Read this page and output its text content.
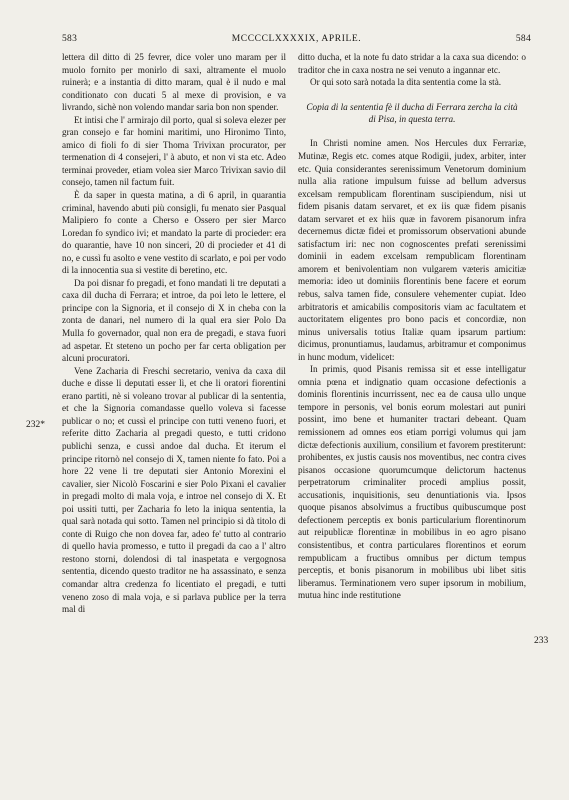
583	MCCCCLXXXXIX, APRILE.	584

lettera dil ditto di 25 fevrer, dice voler uno maram per il muolo fornito per monirlo di saxi, altramente el muolo ruinerà; e a instantia di ditto maram, qual è il nudo e mal conditionato con ducati 5 al mexe di provision, e va livrando, sichè non volendo mandar saria bon non spender.

Et intisi che l' armirajo dil porto, qual si soleva elezer per gran consejo e far homini maritimi, uno Hironimo Tinto, amico di fioli fo di sier Thoma Trivixan procurator, per termenation di 4 consejeri, l' à abuto, et non vi sta etc. Adeo terminai proveder, etiam volea sier Marco Trivixan savio dil consejo, tamen nil factum fuit.

È da saper in questa matina, a dì 6 april, in quarantia criminal, havendo abuti più consigli, fu menato sier Pasqual Malipiero fo conte a Cherso e Ossero per sier Marco Loredan fo syndico ivi; et mandato la parte di procieder: era do quarantie, have 10 non sinceri, 20 di procieder et 41 di no, e cussì fu asolto e vene vestito di scarlato, e poi per vodo di la innocentia sua si vestite di beretino, etc.

Da poi disnar fo pregadi, et fono mandati li tre deputati a caxa dil ducha di Ferrara; et introe, da poi leto le lettere, el principe con la Signoria, et il consejo di X in cheba con la zonta de danari, nel numero di la qual era sier Polo Da Mulla fo governador, qual non era de pregadi, e stava fuori ad aspetar. Et steteno un pocho per far certa obligation per alcuni procuratori.

Vene Zacharia di Freschi secretario, veniva da caxa dil duche e disse li deputati esser lì, et che li oratori fiorentini erano partiti, nè si voleano trovar al publicar di la sententia, et che la Signoria comandasse quello voleva si facesse publicar o no; et cussì el principe con tutti veneno fuori, et referite ditto Zacharia al pregadi questo, e tutti cridono publichi senza, e cussì andoe dal ducha. Et iterum el principe ritornò nel consejo di X, tamen niente fo fato. Poi a hore 22 vene li tre deputati sier Antonio Morexini el cavalier, sier Nicolò Foscarini e sier Polo Pixani el cavalier in pregadi molto di mala voja, e introe nel consejo di X. Et poi ussiti tutti, per Zacharia fo leto la iniqua sententia, la qual sarà notada qui sotto. Tamen nel principio si dà titolo di conte di Ruigo che non dovea far, adeo fe' tutto al contrario di quello havia promesso, e tutto il pregadi da cao a l' altro restono storni, dolendosi di tal inaspetata e vergognosa sententia, dicendo questo traditor ne ha assassinato, e senza comandar altra credenza fo licentiato el pregadi, e tutti veneno zoso di mala voja, e si parlava publice per la terra mal di

ditto ducha, et la note fu dato stridar a la caxa sua dicendo: o traditor che in caxa nostra ne sei venuto a ingannar etc.

Or qui soto sarà notada la dita sententia come la stà.

Copia di la sententia fè il ducha di Ferrara zercha la cità di Pisa, in questa terra.

In Christi nomine amen. Nos Hercules dux Ferrariæ, Mutinæ, Regis etc. comes atque Rodigii, judex, arbiter, inter etc. Quia considerantes serenissimum Venetorum dominium nulla alia ratione impulsum fuisse ad bellum adversus excelsam rempublicam florentinam suscipiendum, nisi ut fidem pisanis datam servaret, et ex iis quæ fidem pisanis datam servaret et ex hiis quæ in favorem pisanorum infra decernemus dictæ fidei et promissorum observationi abunde satisfactum iri: nec non cognoscentes prefati serenissimi dominii in eadem excelsam rempublicam florentinam amorem et benivolentiam non vulgarem væteris amicitiæ memoria: ideo ut dominiis florentinis bene facere et eorum rebus, salva tamen fide, consulere vehementer cupiat. Ideo arbitratoris et amicabilis compositoris viam ac facultatem et auctoritatem eligentes pro bono pacis et concordiæ, non minus universalis totius Italiæ quam ipsarum partium: dicimus, pronuntiamus, laudamus, arbitramur et componimus in hunc modum, videlicet:

In primis, quod Pisanis remissa sit et esse intelligatur omnia pœna et indignatio quam occasione defectionis a dominis florentinis incurrissent, nec ea de causa ullo unque tempore in personis, vel bonis eorum molestari aut puniri possint, imo bene et humaniter tractari debeant. Quam remissionem ad omnes eos etiam porrigi volumus qui jam dictæ defectionis auxilium, consilium et favorem prestiterunt: prohibentes, ex justis causis nos moventibus, nec contra cives pisanos occasione quorumcumque delictorum hactenus perpetratorum criminaliter procedi amplius possit, accusationis, inquisitionis, seu denuntiationis via. Ipsos quoque pisanos absolvimus a fructibus quibuscumque post defectionem perceptis ex bonis particularium florentinorum aut reipublicæ florentinæ in mobilibus in eo agro pisano consistentibus, et contra particulares florentinos et eorum rempublicam a fructibus omnibus per dictum tempus perceptis, et bonis pisanorum in mobilibus ubi libet sitis liberamus. Terminationem vero super ipsorum in mobilium, mutua hinc inde restitutione

232*
233
